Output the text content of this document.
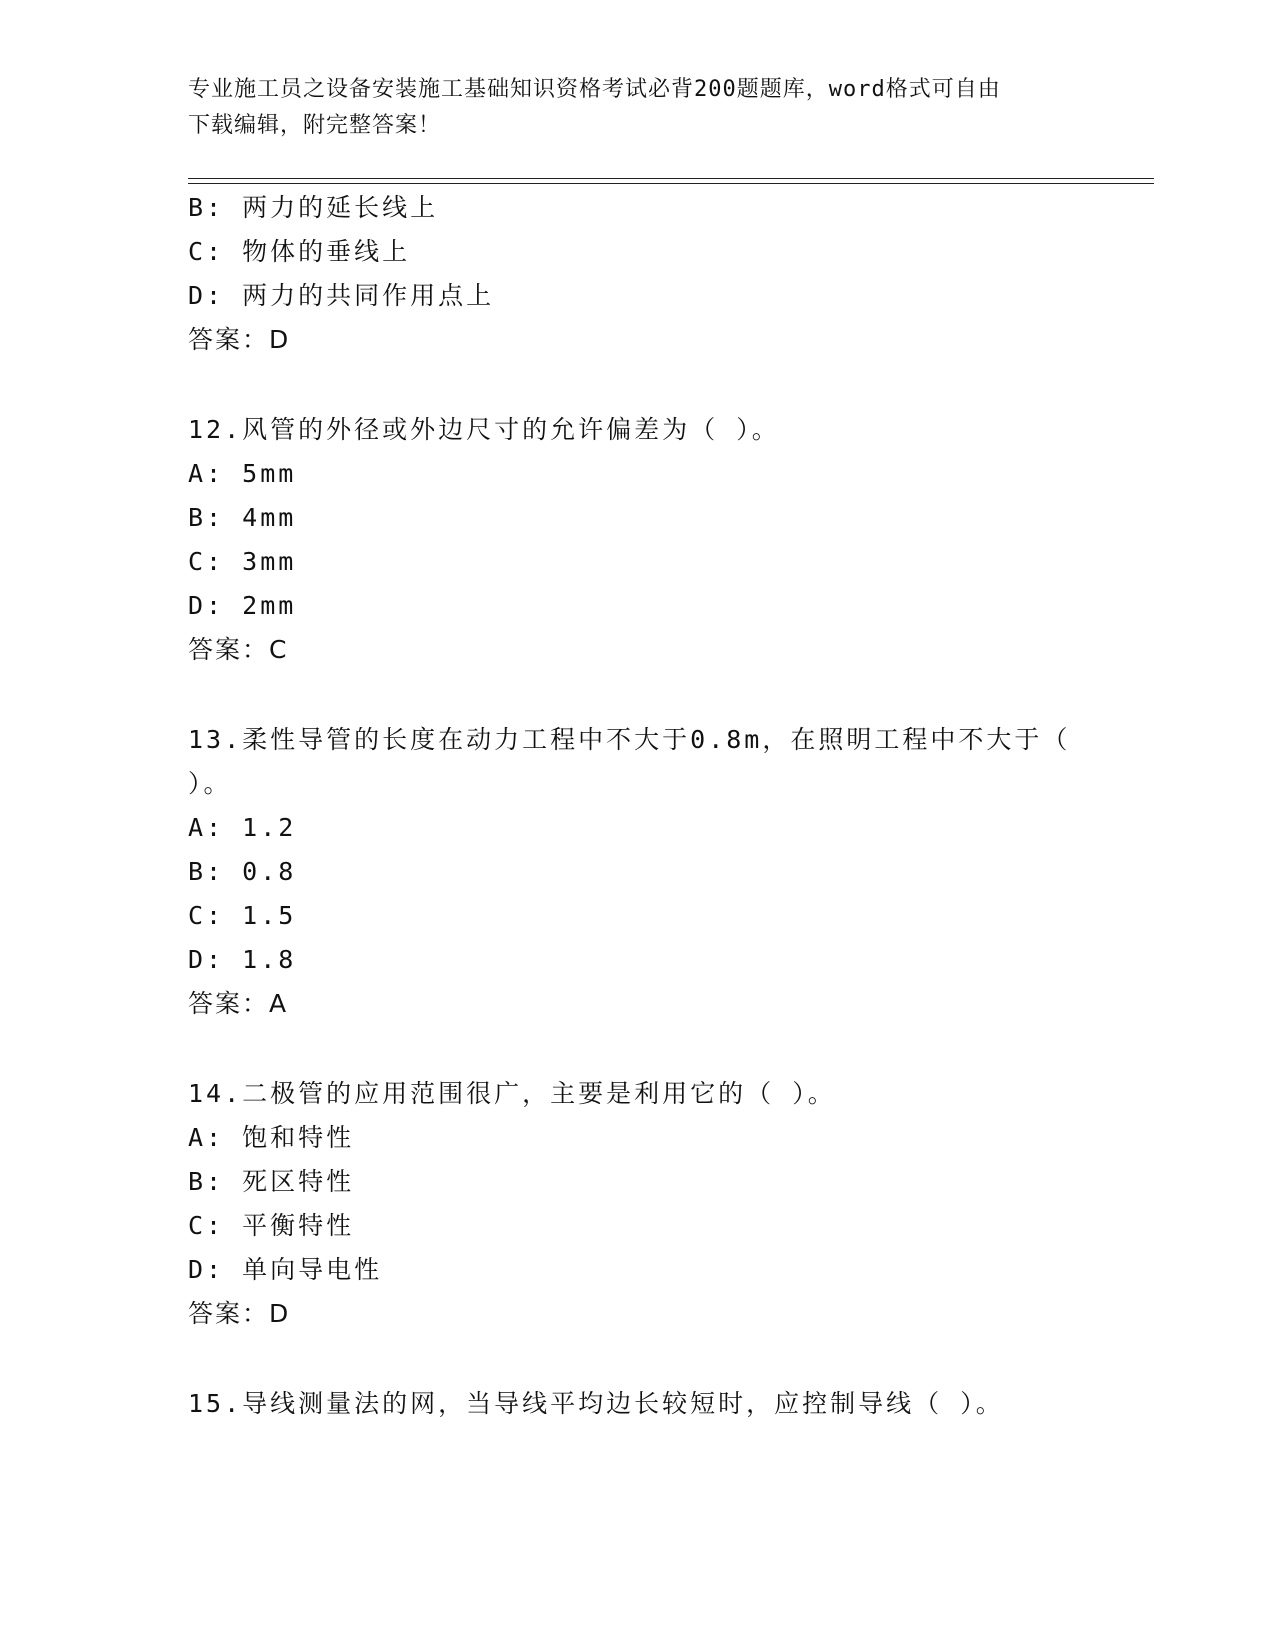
专业施工员之设备安装施工基础知识资格考试必背200题题库，word格式可自由
下载编辑，附完整答案！
B: 两力的延长线上
C: 物体的垂线上
D: 两力的共同作用点上
答案：D
12.风管的外径或外边尺寸的允许偏差为（ ）。
A: 5mm
B: 4mm
C: 3mm
D: 2mm
答案：C
13.柔性导管的长度在动力工程中不大于0.8m，在照明工程中不大于（
）。
A: 1.2
B: 0.8
C: 1.5
D: 1.8
答案：A
14.二极管的应用范围很广，主要是利用它的（ ）。
A: 饱和特性
B: 死区特性
C: 平衡特性
D: 单向导电性
答案：D
15.导线测量法的网，当导线平均边长较短时，应控制导线（ ）。
